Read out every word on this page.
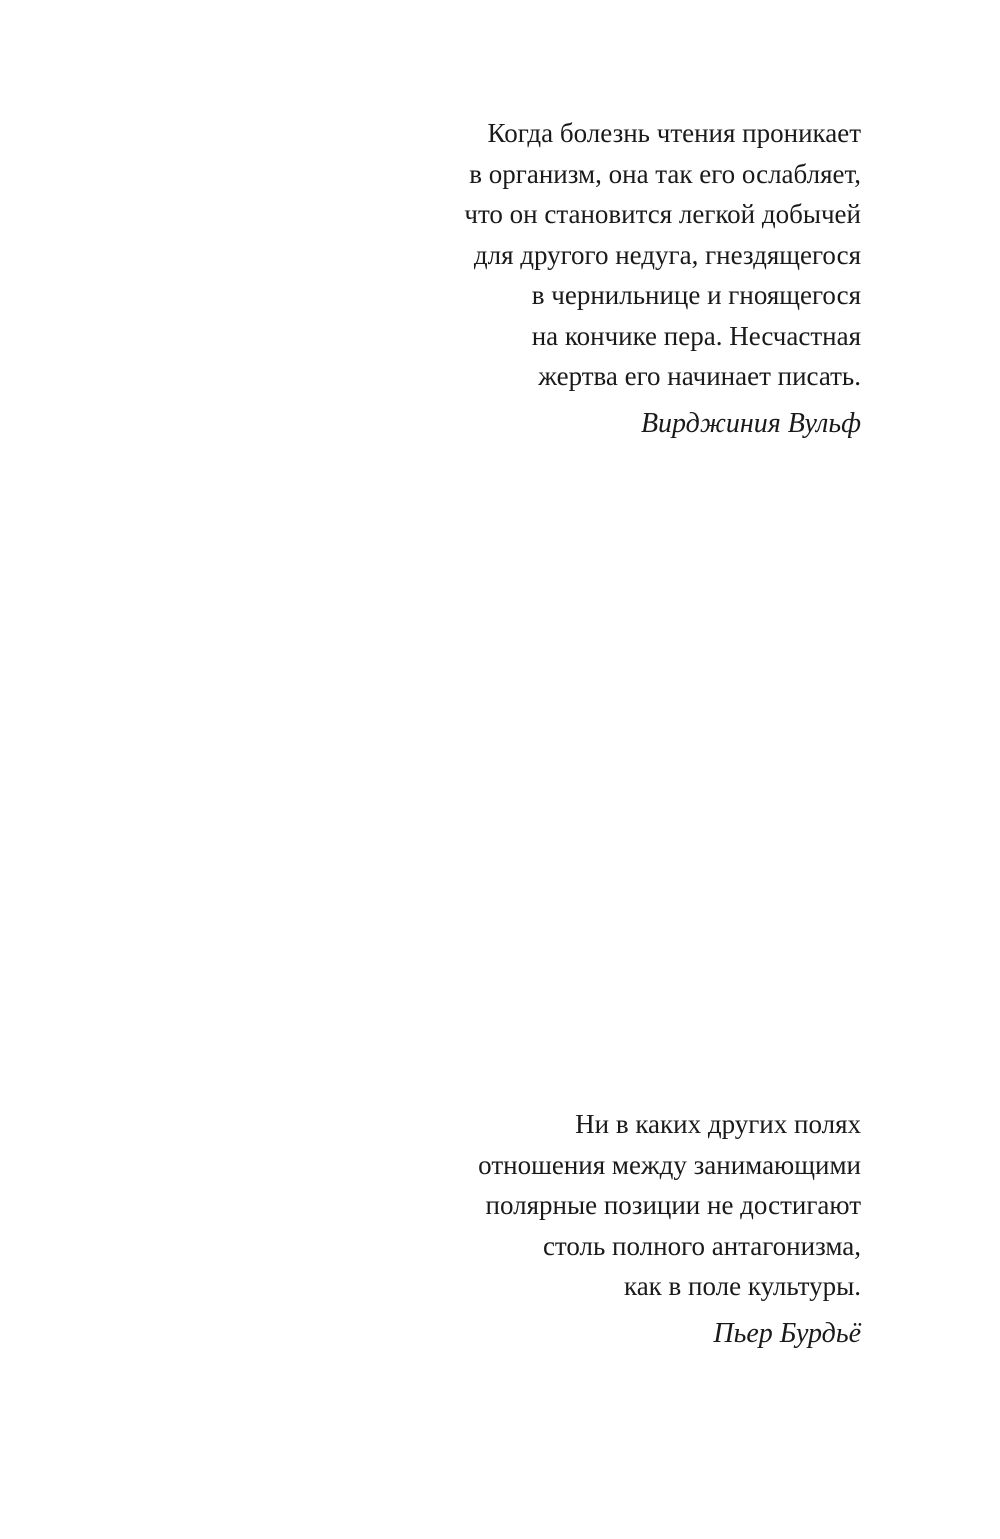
Когда болезнь чтения проникает
в организм, она так его ослабляет,
что он становится легкой добычей
для другого недуга, гнездящегося
в чернильнице и гноящегося
на кончике пера. Несчастная
жертва его начинает писать.
Вирджиния Вульф
Ни в каких других полях
отношения между занимающими
полярные позиции не достигают
столь полного антагонизма,
как в поле культуры.
Пьер Бурдьё
